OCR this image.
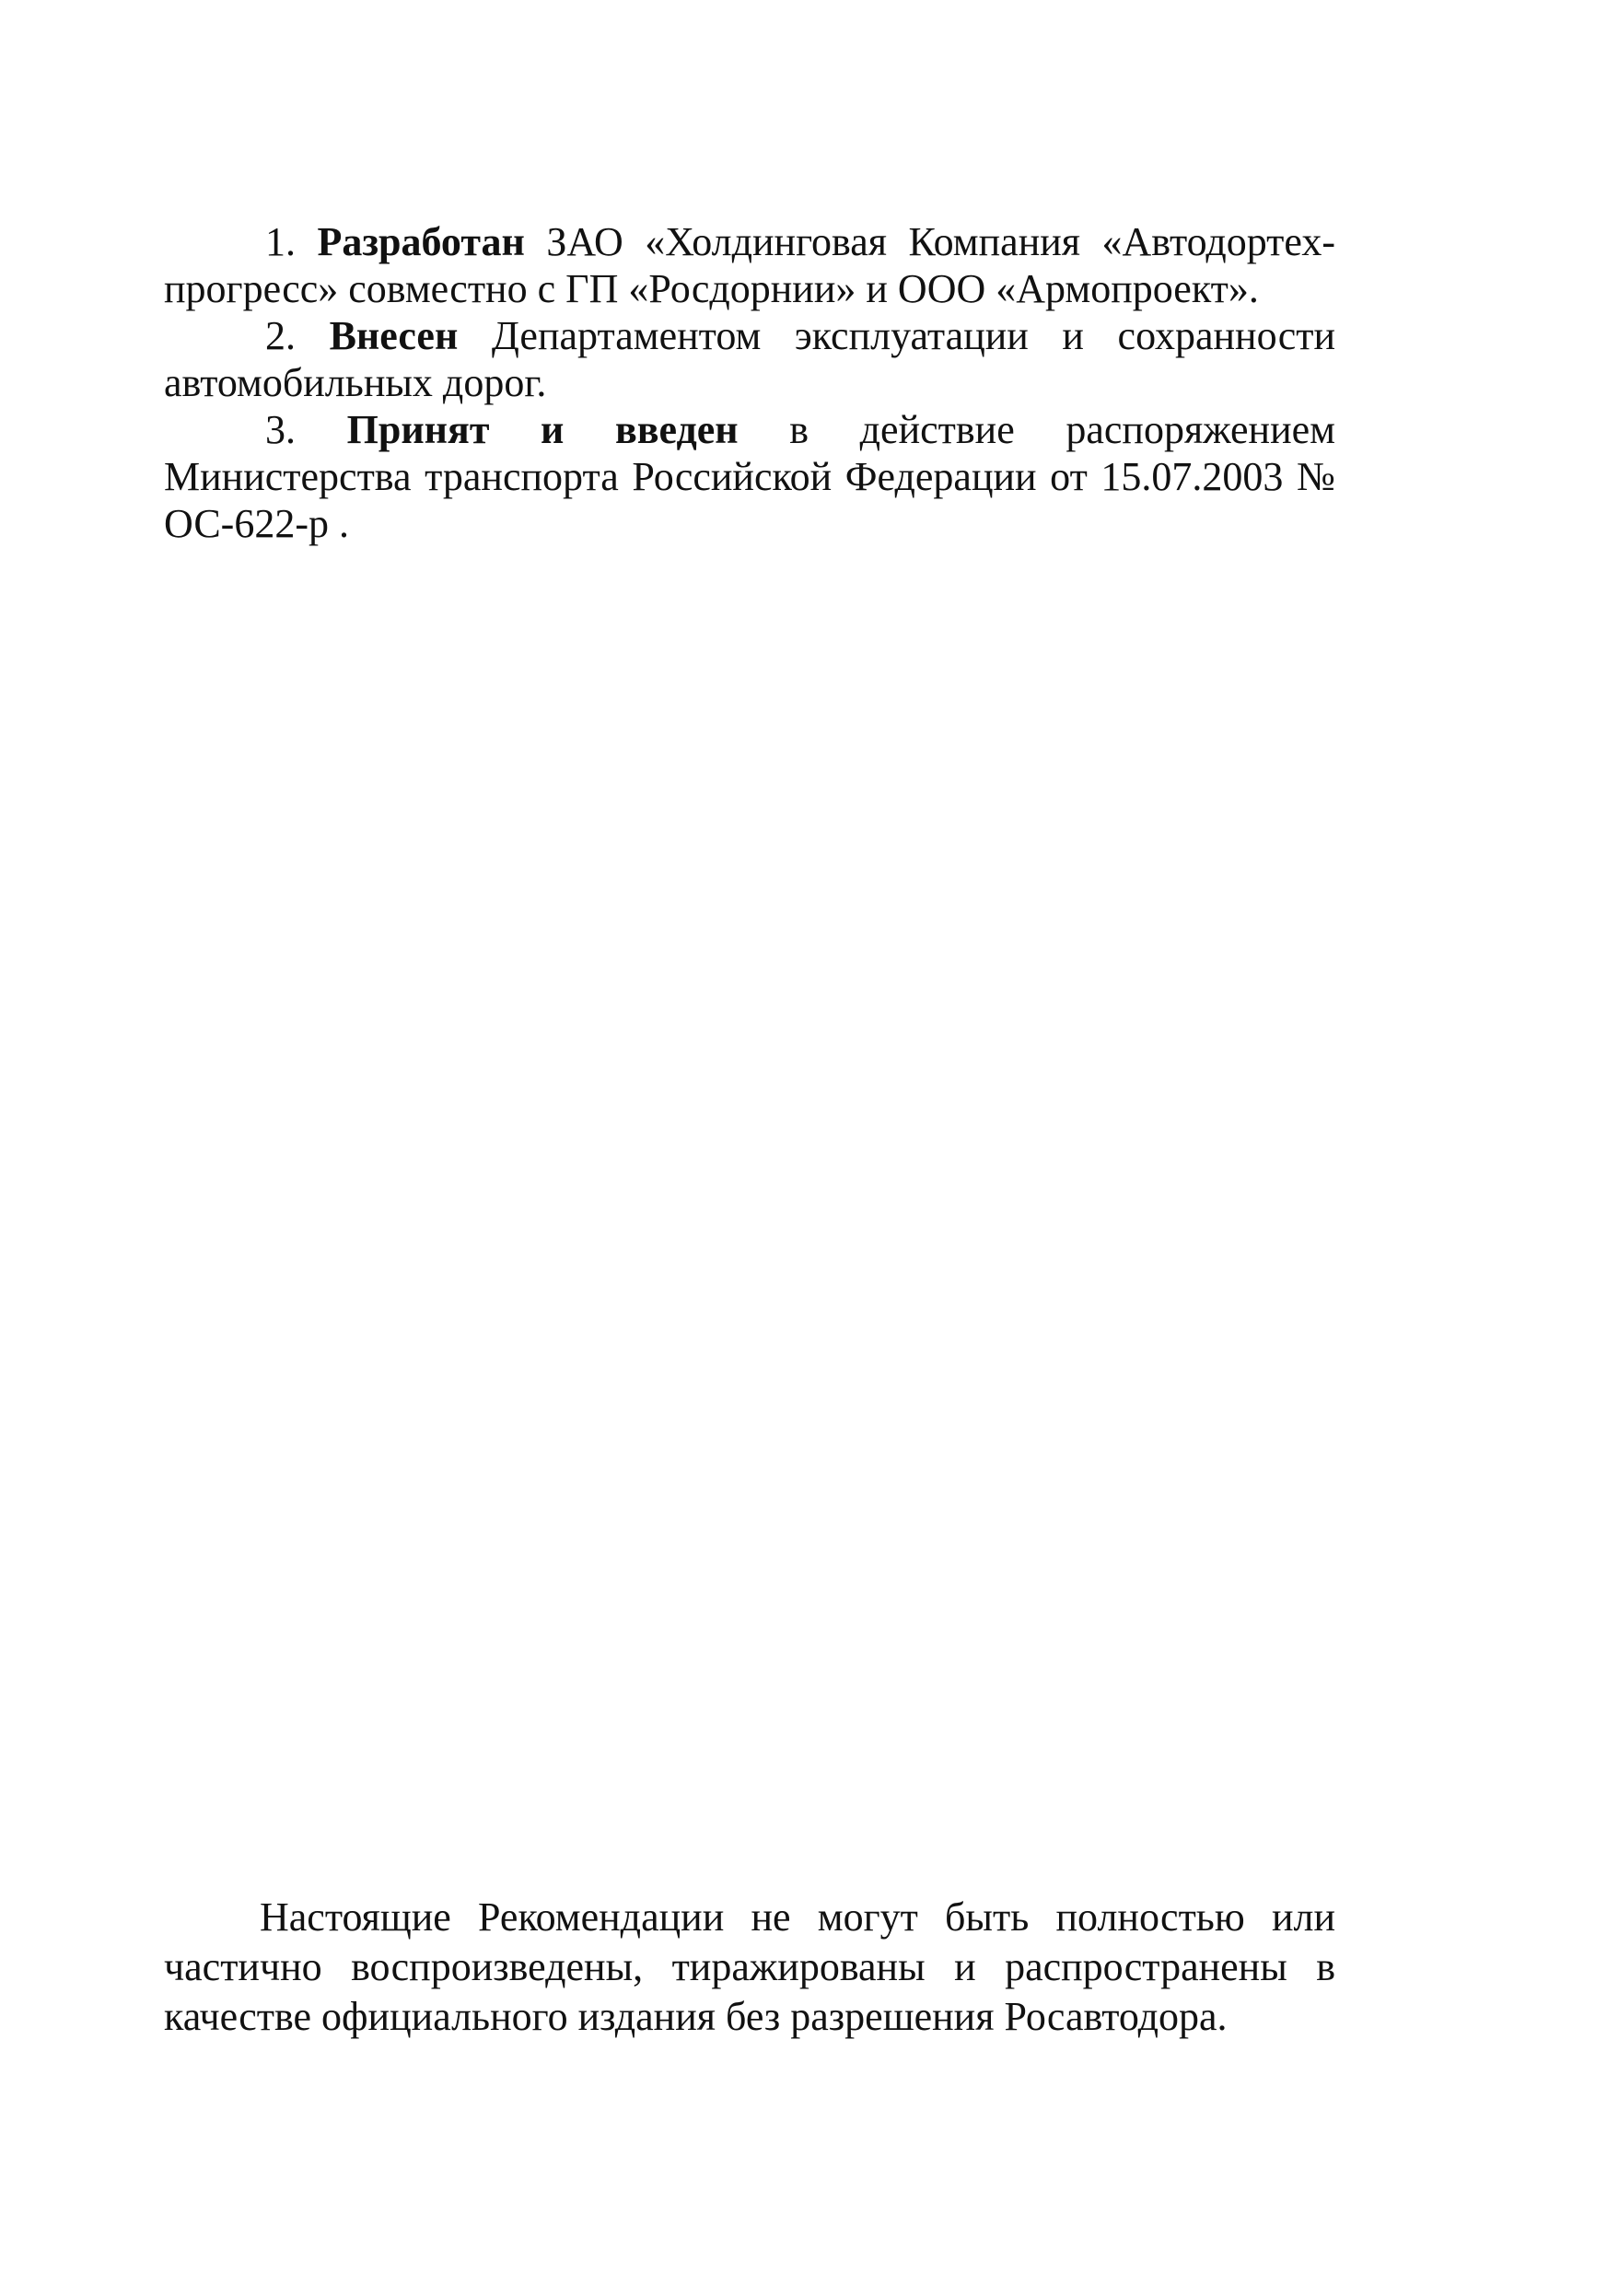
1. Разработан ЗАО «Холдинговая Компания «Автодортех-прогресс» совместно с ГП «Росдорнии» и ООО «Армопроект».

2. Внесен Департаментом эксплуатации и сохранности автомобильных дорог.

3. Принят и введен в действие распоряжением Министерства транспорта Российской Федерации от 15.07.2003 № ОС-622-р .

Настоящие Рекомендации не могут быть полностью или частично воспроизведены, тиражированы и распространены в качестве официального издания без разрешения Росавтодора.
